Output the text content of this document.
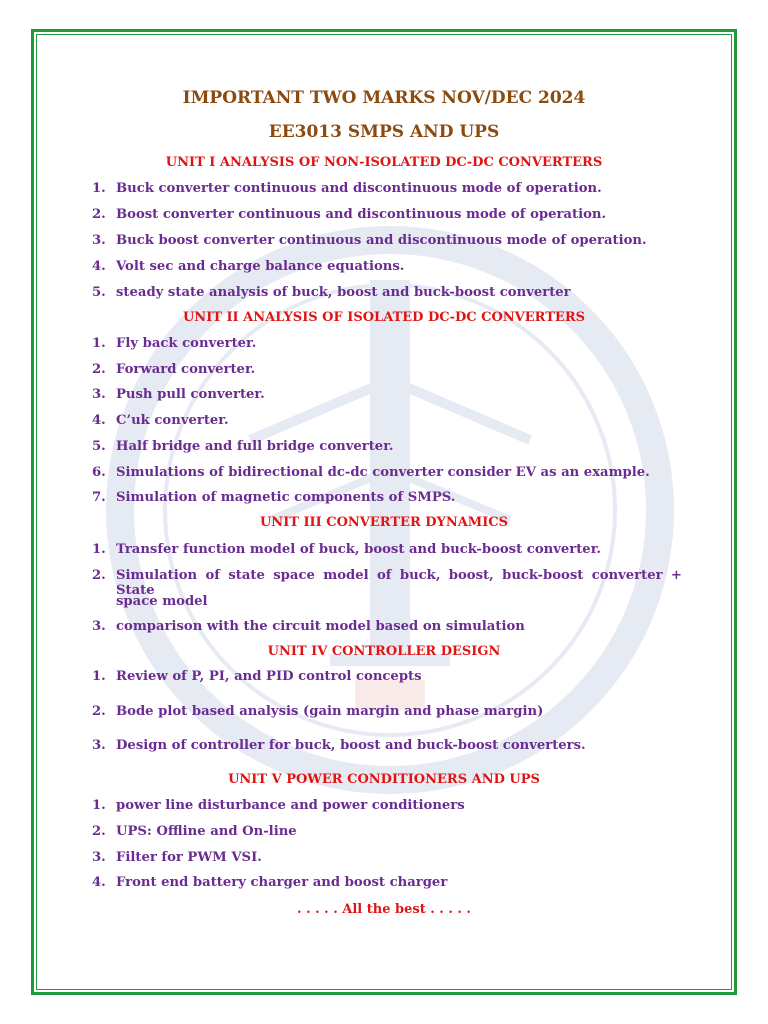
IMPORTANT TWO MARKS NOV/DEC 2024
EE3013 SMPS AND UPS
UNIT I ANALYSIS OF NON-ISOLATED DC-DC CONVERTERS
1. Buck converter continuous and discontinuous mode of operation.
2. Boost converter continuous and discontinuous mode of operation.
3. Buck boost converter continuous and discontinuous mode of operation.
4. Volt sec and charge balance equations.
5. steady state analysis of buck, boost and buck-boost converter
UNIT II ANALYSIS OF ISOLATED DC-DC CONVERTERS
1. Fly back converter.
2. Forward converter.
3. Push pull converter.
4. C’uk converter.
5. Half bridge and full bridge converter.
6. Simulations of bidirectional dc-dc converter consider EV as an example.
7. Simulation of magnetic components of SMPS.
UNIT III CONVERTER DYNAMICS
1. Transfer function model of buck, boost and buck-boost converter.
2. Simulation of state space model of buck, boost, buck-boost converter + State
space model
3. comparison with the circuit model based on simulation
UNIT IV CONTROLLER DESIGN
1. Review of P, PI, and PID control concepts
2. Bode plot based analysis (gain margin and phase margin)
3. Design of controller for buck, boost and buck-boost converters.
UNIT V POWER CONDITIONERS AND UPS
1. power line disturbance and power conditioners
2. UPS: Offline and On-line
3. Filter for PWM VSI.
4. Front end battery charger and boost charger
. . . . . All the best . . . . .
